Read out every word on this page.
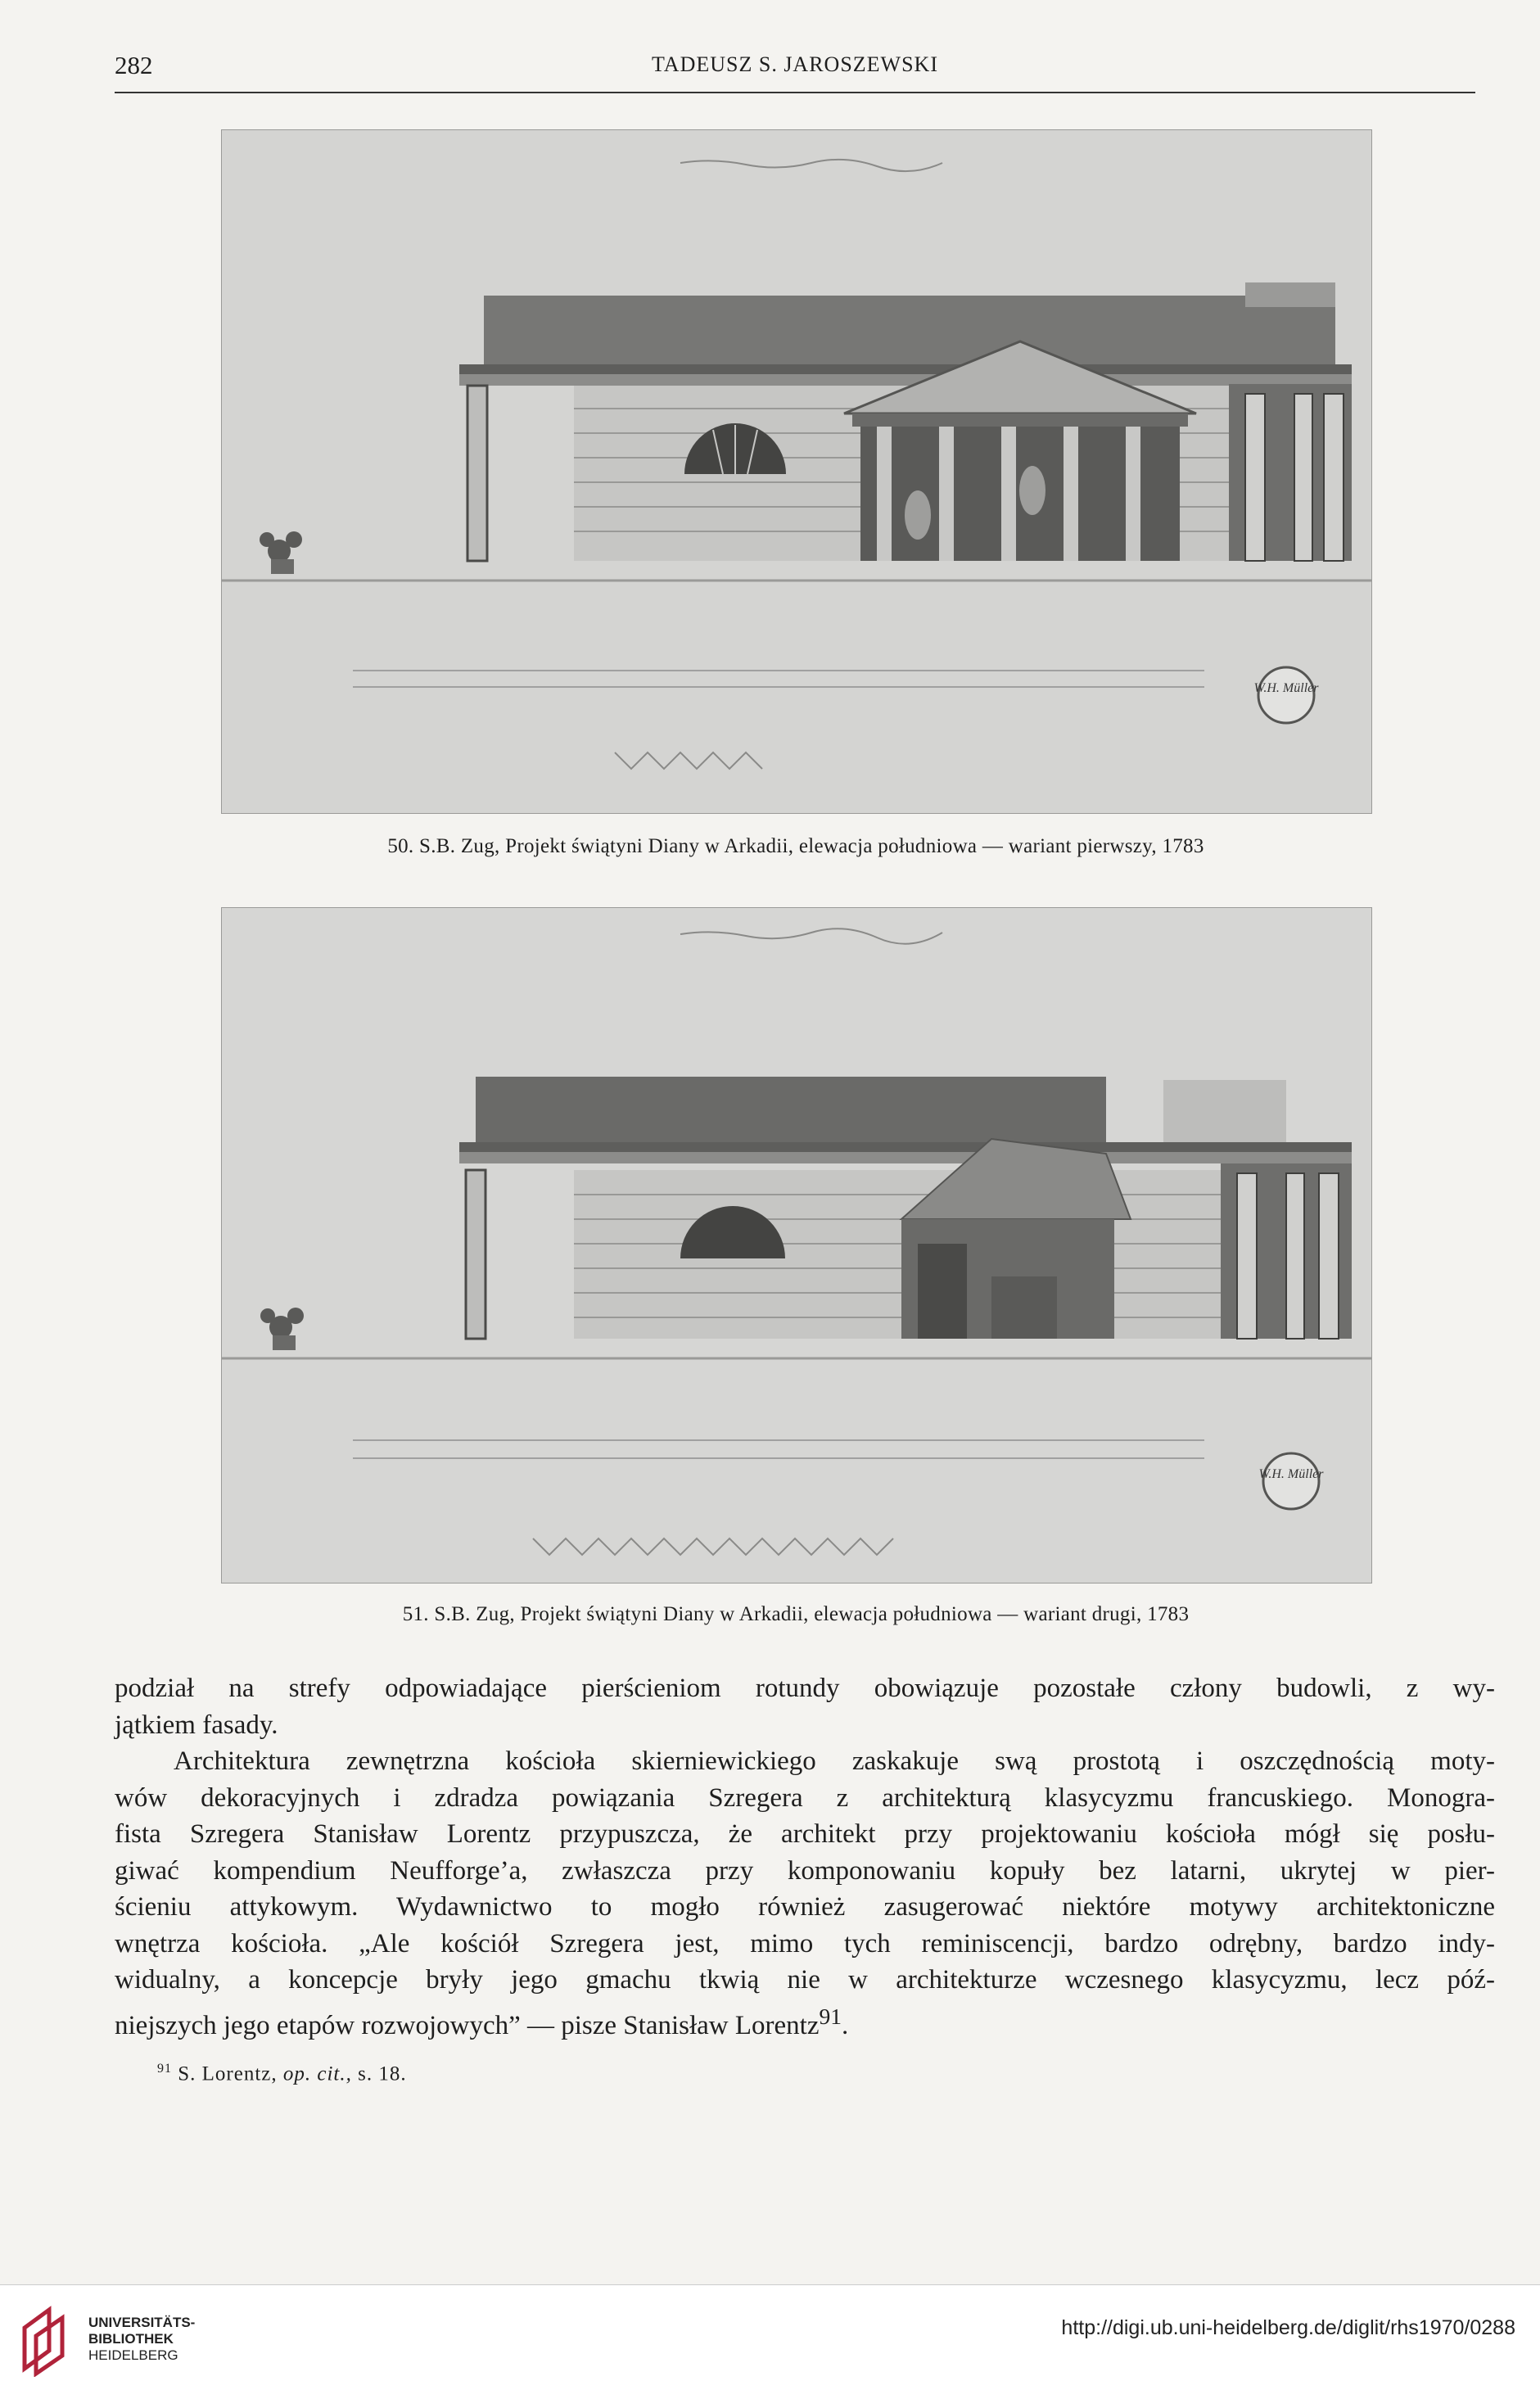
282	TADEUSZ S. JAROSZEWSKI
W.H. Müller
50. S.B. Zug, Projekt świątyni Diany w Arkadii, elewacja południowa — wariant pierwszy, 1783
W.H. Müller
51. S.B. Zug, Projekt świątyni Diany w Arkadii, elewacja południowa — wariant drugi, 1783

podział na strefy odpowiadające pierścieniom rotundy obowiązuje pozostałe człony budowli, z wy-

jątkiem fasady.

Architektura zewnętrzna kościoła skierniewickiego zaskakuje swą prostotą i oszczędnością moty-

wów dekoracyjnych i zdradza powiązania Szregera z architekturą klasycyzmu francuskiego. Monogra-

fista Szregera Stanisław Lorentz przypuszcza, że architekt przy projektowaniu kościoła mógł się posłu-

giwać kompendium Neufforge’a, zwłaszcza przy komponowaniu kopuły bez latarni, ukrytej w pier-

ścieniu attykowym. Wydawnictwo to mogło również zasugerować niektóre motywy architektoniczne

wnętrza kościoła. „Ale kościół Szregera jest, mimo tych reminiscencji, bardzo odrębny, bardzo indy-

widualny, a koncepcje bryły jego gmachu tkwią nie w architekturze wczesnego klasycyzmu, lecz póź-

niejszych jego etapów rozwojowych” — pisze Stanisław Lorentz$^{91}$.

$^{91}$ S. Lorentz, op. cit., s. 18.
UNIVERSITÄTS-
BIBLIOTHEK
HEIDELBERG
http://digi.ub.uni-heidelberg.de/diglit/rhs1970/0288
